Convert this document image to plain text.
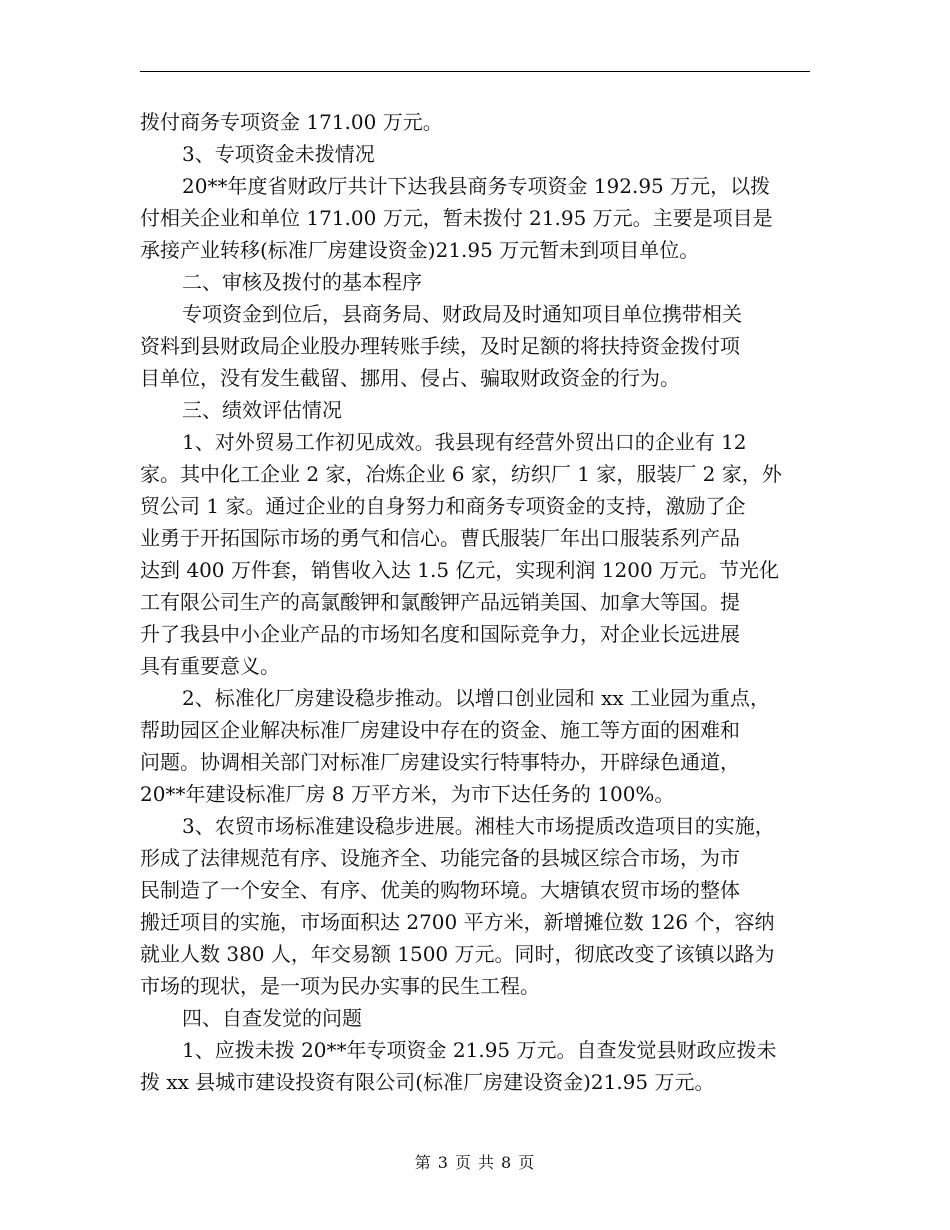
拨付商务专项资金 171.00 万元。
3、专项资金未拨情况
20**年度省财政厅共计下达我县商务专项资金 192.95 万元，以拨
付相关企业和单位 171.00 万元，暂未拨付 21.95 万元。主要是项目是
承接产业转移(标准厂房建设资金)21.95 万元暂未到项目单位。
二、审核及拨付的基本程序
专项资金到位后，县商务局、财政局及时通知项目单位携带相关
资料到县财政局企业股办理转账手续，及时足额的将扶持资金拨付项
目单位，没有发生截留、挪用、侵占、骗取财政资金的行为。
三、绩效评估情况
1、对外贸易工作初见成效。我县现有经营外贸出口的企业有 12
家。其中化工企业 2 家，冶炼企业 6 家，纺织厂 1 家，服装厂 2 家，外
贸公司 1 家。通过企业的自身努力和商务专项资金的支持，激励了企
业勇于开拓国际市场的勇气和信心。曹氏服装厂年出口服装系列产品
达到 400 万件套，销售收入达 1.5 亿元，实现利润 1200 万元。节光化
工有限公司生产的高氯酸钾和氯酸钾产品远销美国、加拿大等国。提
升了我县中小企业产品的市场知名度和国际竞争力，对企业长远进展
具有重要意义。
2、标准化厂房建设稳步推动。以增口创业园和 xx 工业园为重点，
帮助园区企业解决标准厂房建设中存在的资金、施工等方面的困难和
问题。协调相关部门对标准厂房建设实行特事特办，开辟绿色通道，
20**年建设标准厂房 8 万平方米，为市下达任务的 100%。
3、农贸市场标准建设稳步进展。湘桂大市场提质改造项目的实施，
形成了法律规范有序、设施齐全、功能完备的县城区综合市场，为市
民制造了一个安全、有序、优美的购物环境。大塘镇农贸市场的整体
搬迁项目的实施，市场面积达 2700 平方米，新增摊位数 126 个，容纳
就业人数 380 人，年交易额 1500 万元。同时，彻底改变了该镇以路为
市场的现状，是一项为民办实事的民生工程。
四、自查发觉的问题
1、应拨未拨 20**年专项资金 21.95 万元。自查发觉县财政应拨未
拨 xx 县城市建设投资有限公司(标准厂房建设资金)21.95 万元。
第 3 页 共 8 页
